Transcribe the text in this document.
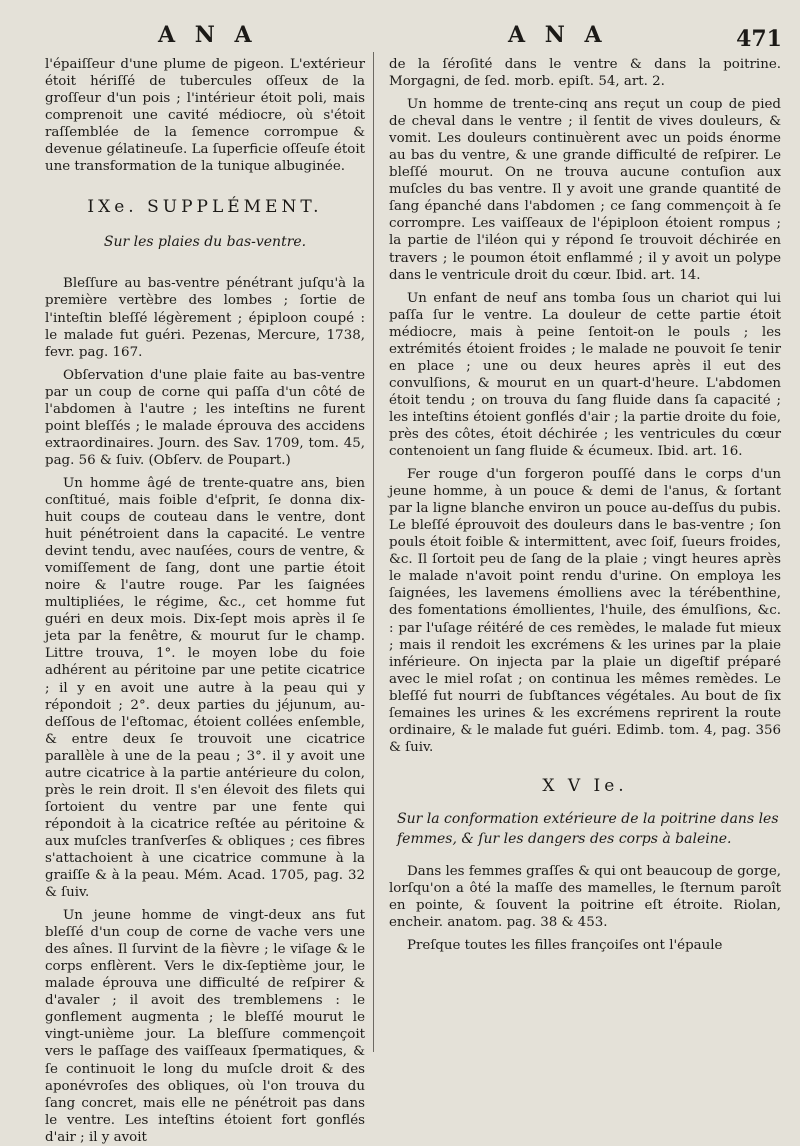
A N A	A N A	471

l'épaiſſeur d'une plume de pigeon. L'extérieur étoit hériſſé de tubercules oſſeux de la groſſeur d'un pois ; l'intérieur étoit poli, mais comprenoit une cavité médiocre, où s'étoit raſſemblée de la ſemence corrompue & devenue gélatineuſe. La ſuperficie oſſeuſe étoit une transformation de la tunique albuginée.

IXe. SUPPLÉMENT.
Sur les plaies du bas-ventre.

Bleſſure au bas-ventre pénétrant juſqu'à la première vertèbre des lombes ; ſortie de l'inteſtin bleſſé légèrement ; épiploon coupé : le malade fut guéri. Pezenas, Mercure, 1738, fevr. pag. 167.

Obſervation d'une plaie faite au bas-ventre par un coup de corne qui paſſa d'un côté de l'abdomen à l'autre ; les inteſtins ne furent point bleſſés ; le malade éprouva des accidens extraordinaires. Journ. des Sav. 1709, tom. 45, pag. 56 & ſuiv. (Obſerv. de Poupart.)

Un homme âgé de trente-quatre ans, bien conſtitué, mais foible d'eſprit, ſe donna dix-huit coups de couteau dans le ventre, dont huit pénétroient dans la capacité. Le ventre devint tendu, avec nauſées, cours de ventre, & vomiſſement de ſang, dont une partie étoit noire & l'autre rouge. Par les ſaignées multipliées, le régime, &c., cet homme fut guéri en deux mois. Dix-ſept mois après il ſe jeta par la fenêtre, & mourut ſur le champ. Littre trouva, 1°. le moyen lobe du foie adhérent au péritoine par une petite cicatrice ; il y en avoit une autre à la peau qui y répondoit ; 2°. deux parties du jéjunum, au-deſſous de l'eſtomac, étoient collées enſemble, & entre deux ſe trouvoit une cicatrice parallèle à une de la peau ; 3°. il y avoit une autre cicatrice à la partie antérieure du colon, près le rein droit. Il s'en élevoit des filets qui ſortoient du ventre par une fente qui répondoit à la cicatrice reſtée au péritoine & aux muſcles tranſverſes & obliques ; ces fibres s'attachoient à une cicatrice commune à la graiſſe & à la peau. Mém. Acad. 1705, pag. 32 & ſuiv.

Un jeune homme de vingt-deux ans fut bleſſé d'un coup de corne de vache vers une des aînes. Il ſurvint de la fièvre ; le viſage & le corps enflèrent. Vers le dix-ſeptième jour, le malade éprouva une difficulté de reſpirer & d'avaler ; il avoit des tremblemens : le gonflement augmenta ; le bleſſé mourut le vingt-unième jour. La bleſſure commençoit vers le paſſage des vaiſſeaux ſpermatiques, & ſe continuoit le long du muſcle droit & des aponévroſes des obliques, où l'on trouva du ſang concret, mais elle ne pénétroit pas dans le ventre. Les inteſtins étoient fort gonflés d'air ; il y avoit

de la ſéroſité dans le ventre & dans la poitrine. Morgagni, de ſed. morb. epiſt. 54, art. 2.

Un homme de trente-cinq ans reçut un coup de pied de cheval dans le ventre ; il ſentit de vives douleurs, & vomit. Les douleurs continuèrent avec un poids énorme au bas du ventre, & une grande difficulté de reſpirer. Le bleſſé mourut. On ne trouva aucune contuſion aux muſcles du bas ventre. Il y avoit une grande quantité de ſang épanché dans l'abdomen ; ce ſang commençoit à ſe corrompre. Les vaiſſeaux de l'épiploon étoient rompus ; la partie de l'iléon qui y répond ſe trouvoit déchirée en travers ; le poumon étoit enflammé ; il y avoit un polype dans le ventricule droit du cœur. Ibid. art. 14.

Un enfant de neuf ans tomba ſous un chariot qui lui paſſa ſur le ventre. La douleur de cette partie étoit médiocre, mais à peine ſentoit-on le pouls ; les extrémités étoient froides ; le malade ne pouvoit ſe tenir en place ; une ou deux heures après il eut des convulſions, & mourut en un quart-d'heure. L'abdomen étoit tendu ; on trouva du ſang fluide dans ſa capacité ; les inteſtins étoient gonflés d'air ; la partie droite du foie, près des côtes, étoit déchirée ; les ventricules du cœur contenoient un ſang fluide & écumeux. Ibid. art. 16.

Fer rouge d'un forgeron pouſſé dans le corps d'un jeune homme, à un pouce & demi de l'anus, & ſortant par la ligne blanche environ un pouce au-deſſus du pubis. Le bleſſé éprouvoit des douleurs dans le bas-ventre ; ſon pouls étoit foible & intermittent, avec ſoif, ſueurs froides, &c. Il ſortoit peu de ſang de la plaie ; vingt heures après le malade n'avoit point rendu d'urine. On employa les ſaignées, les lavemens émolliens avec la térébenthine, des fomentations émollientes, l'huile, des émulſions, &c. : par l'uſage réitéré de ces remèdes, le malade fut mieux ; mais il rendoit les excrémens & les urines par la plaie inférieure. On injecta par la plaie un digeſtif préparé avec le miel roſat ; on continua les mêmes remèdes. Le bleſſé fut nourri de ſubſtances végétales. Au bout de ſix ſemaines les urines & les excrémens reprirent la route ordinaire, & le malade fut guéri. Edimb. tom. 4, pag. 356 & ſuiv.

X V Ie.
Sur la conformation extérieure de la poitrine dans les femmes, & ſur les dangers des corps à baleine.

Dans les femmes graſſes & qui ont beaucoup de gorge, lorſqu'on a ôté la maſſe des mamelles, le ſternum paroît en pointe, & ſouvent la poitrine eſt étroite. Riolan, encheir. anatom. pag. 38 & 453.

Preſque toutes les filles françoiſes ont l'épaule
